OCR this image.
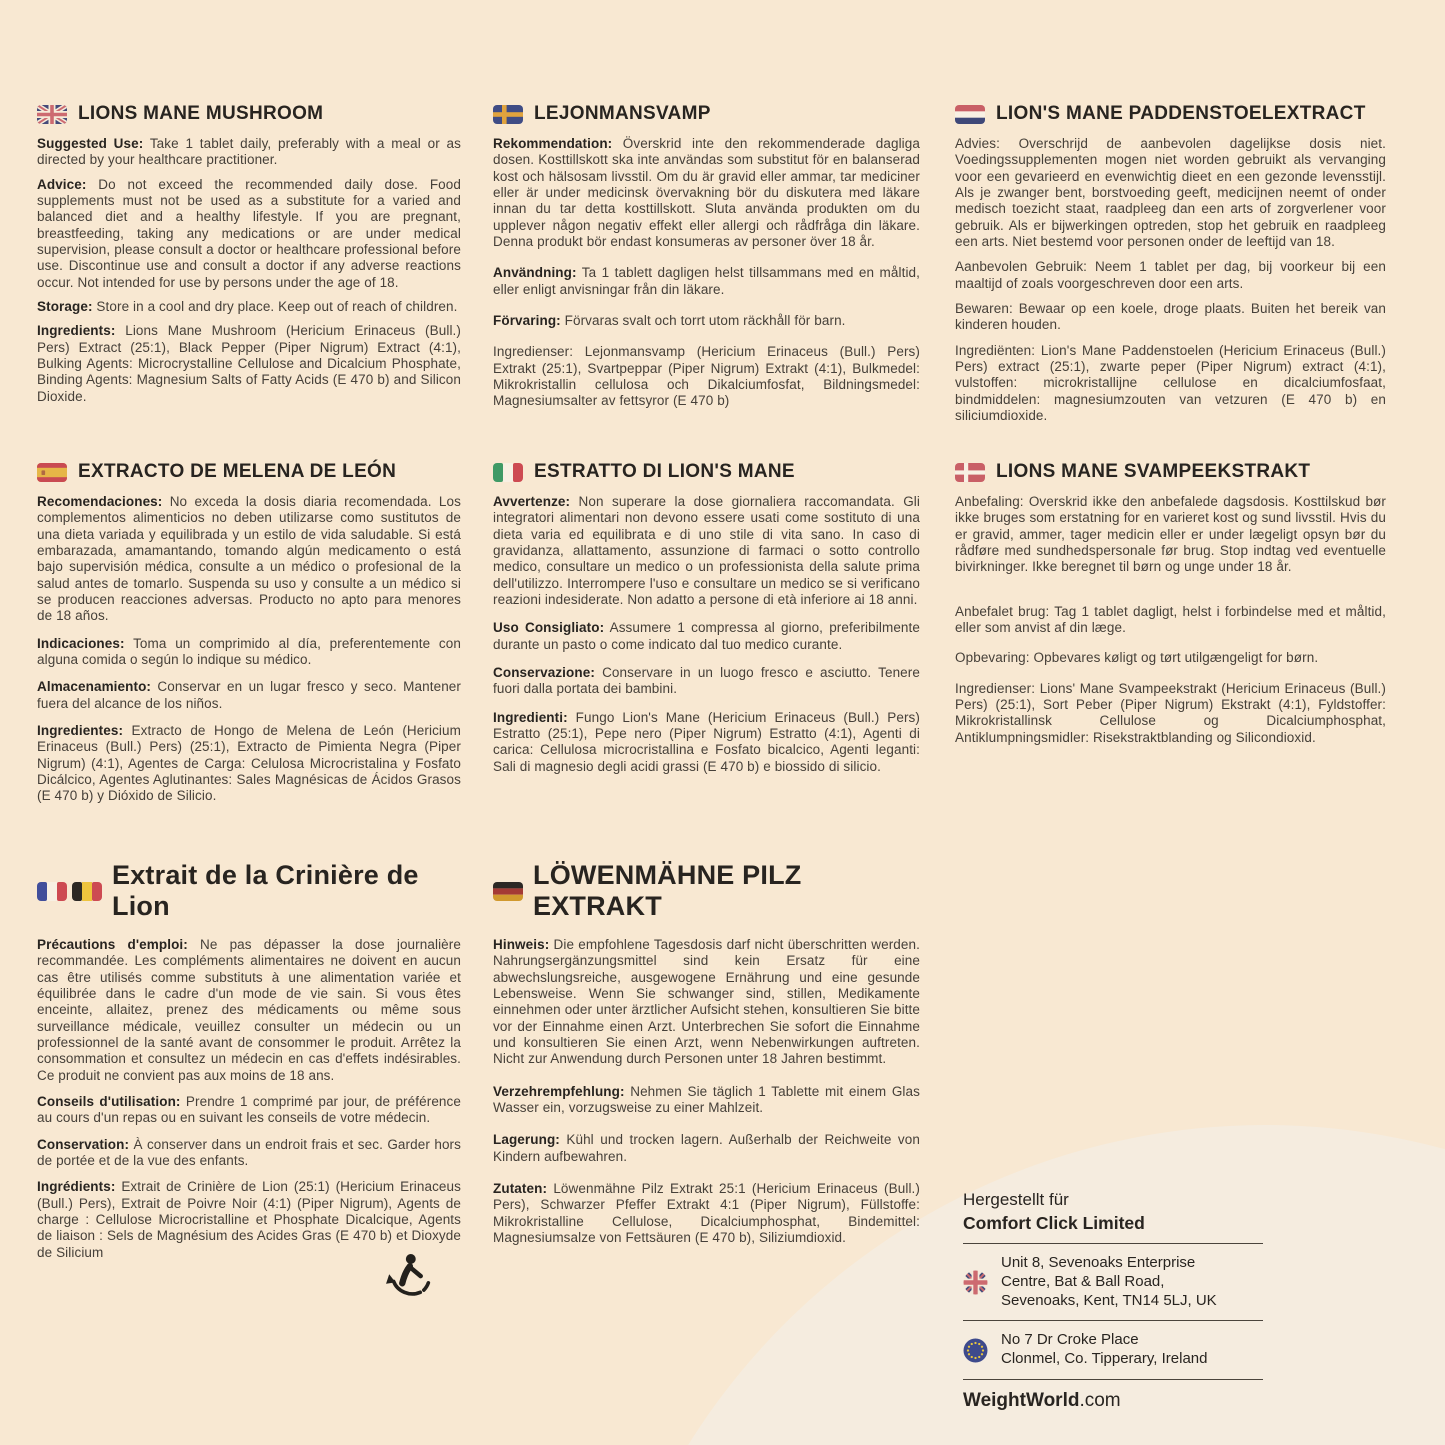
LIONS MANE MUSHROOM

Suggested Use: Take 1 tablet daily, preferably with a meal or as directed by your healthcare practitioner.

Advice: Do not exceed the recommended daily dose. Food supplements must not be used as a substitute for a varied and balanced diet and a healthy lifestyle. If you are pregnant, breastfeeding, taking any medications or are under medical supervision, please consult a doctor or healthcare professional before use. Discontinue use and consult a doctor if any adverse reactions occur. Not intended for use by persons under the age of 18.

Storage: Store in a cool and dry place. Keep out of reach of children.

Ingredients: Lions Mane Mushroom (Hericium Erinaceus (Bull.) Pers) Extract (25:1), Black Pepper (Piper Nigrum) Extract (4:1), Bulking Agents: Microcrystalline Cellulose and Dicalcium Phosphate, Binding Agents: Magnesium Salts of Fatty Acids (E 470 b) and Silicon Dioxide.

LEJONMANSVAMP

Rekommendation: Överskrid inte den rekommenderade dagliga dosen. Kosttillskott ska inte användas som substitut för en balanserad kost och hälsosam livsstil. Om du är gravid eller ammar, tar mediciner eller är under medicinsk övervakning bör du diskutera med läkare innan du tar detta kosttillskott. Sluta använda produkten om du upplever någon negativ effekt eller allergi och rådfråga din läkare. Denna produkt bör endast konsumeras av personer över 18 år.

Användning: Ta 1 tablett dagligen helst tillsammans med en måltid, eller enligt anvisningar från din läkare.

Förvaring: Förvaras svalt och torrt utom räckhåll för barn.

Ingredienser: Lejonmansvamp (Hericium Erinaceus (Bull.) Pers) Extrakt (25:1), Svartpeppar (Piper Nigrum) Extrakt (4:1), Bulkmedel: Mikrokristallin cellulosa och Dikalciumfosfat, Bildningsmedel: Magnesiumsalter av fettsyror (E 470 b)

LION'S MANE PADDENSTOELEXTRACT

Advies: Overschrijd de aanbevolen dagelijkse dosis niet. Voedingssupplementen mogen niet worden gebruikt als vervanging voor een gevarieerd en evenwichtig dieet en een gezonde levensstijl. Als je zwanger bent, borstvoeding geeft, medicijnen neemt of onder medisch toezicht staat, raadpleeg dan een arts of zorgverlener voor gebruik. Als er bijwerkingen optreden, stop het gebruik en raadpleeg een arts. Niet bestemd voor personen onder de leeftijd van 18.

Aanbevolen Gebruik: Neem 1 tablet per dag, bij voorkeur bij een maaltijd of zoals voorgeschreven door een arts.

Bewaren: Bewaar op een koele, droge plaats. Buiten het bereik van kinderen houden.

Ingrediënten: Lion's Mane Paddenstoelen (Hericium Erinaceus (Bull.) Pers) extract (25:1), zwarte peper (Piper Nigrum) extract (4:1), vulstoffen: microkristallijne cellulose en dicalciumfosfaat, bindmiddelen: magnesiumzouten van vetzuren (E 470 b) en siliciumdioxide.

EXTRACTO DE MELENA DE LEÓN

Recomendaciones: No exceda la dosis diaria recomendada. Los complementos alimenticios no deben utilizarse como sustitutos de una dieta variada y equilibrada y un estilo de vida saludable. Si está embarazada, amamantando, tomando algún medicamento o está bajo supervisión médica, consulte a un médico o profesional de la salud antes de tomarlo. Suspenda su uso y consulte a un médico si se producen reacciones adversas. Producto no apto para menores de 18 años.

Indicaciones: Toma un comprimido al día, preferentemente con alguna comida o según lo indique su médico.

Almacenamiento: Conservar en un lugar fresco y seco. Mantener fuera del alcance de los niños.

Ingredientes: Extracto de Hongo de Melena de León (Hericium Erinaceus (Bull.) Pers) (25:1), Extracto de Pimienta Negra (Piper Nigrum) (4:1), Agentes de Carga: Celulosa Microcristalina y Fosfato Dicálcico, Agentes Aglutinantes: Sales Magnésicas de Ácidos Grasos (E 470 b) y Dióxido de Silicio.

ESTRATTO DI LION'S MANE

Avvertenze: Non superare la dose giornaliera raccomandata. Gli integratori alimentari non devono essere usati come sostituto di una dieta varia ed equilibrata e di uno stile di vita sano. In caso di gravidanza, allattamento, assunzione di farmaci o sotto controllo medico, consultare un medico o un professionista della salute prima dell'utilizzo. Interrompere l'uso e consultare un medico se si verificano reazioni indesiderate. Non adatto a persone di età inferiore ai 18 anni.

Uso Consigliato: Assumere 1 compressa al giorno, preferibilmente durante un pasto o come indicato dal tuo medico curante.

Conservazione: Conservare in un luogo fresco e asciutto. Tenere fuori dalla portata dei bambini.

Ingredienti: Fungo Lion's Mane (Hericium Erinaceus (Bull.) Pers) Estratto (25:1), Pepe nero (Piper Nigrum) Estratto (4:1), Agenti di carica: Cellulosa microcristallina e Fosfato bicalcico, Agenti leganti: Sali di magnesio degli acidi grassi (E 470 b) e biossido di silicio.

LIONS MANE SVAMPEEKSTRAKT

Anbefaling: Overskrid ikke den anbefalede dagsdosis. Kosttilskud bør ikke bruges som erstatning for en varieret kost og sund livsstil. Hvis du er gravid, ammer, tager medicin eller er under lægeligt opsyn bør du rådføre med sundhedspersonale før brug. Stop indtag ved eventuelle bivirkninger. Ikke beregnet til børn og unge under 18 år.

Anbefalet brug: Tag 1 tablet dagligt, helst i forbindelse med et måltid, eller som anvist af din læge.

Opbevaring: Opbevares køligt og tørt utilgængeligt for børn.

Ingredienser: Lions' Mane Svampeekstrakt (Hericium Erinaceus (Bull.) Pers) (25:1), Sort Peber (Piper Nigrum) Ekstrakt (4:1), Fyldstoffer: Mikrokristallinsk Cellulose og Dicalciumphosphat, Antiklumpningsmidler: Risekstraktblanding og Silicondioxid.

Extrait de la Crinière de Lion

Précautions d'emploi: Ne pas dépasser la dose journalière recommandée. Les compléments alimentaires ne doivent en aucun cas être utilisés comme substituts à une alimentation variée et équilibrée dans le cadre d'un mode de vie sain. Si vous êtes enceinte, allaitez, prenez des médicaments ou même sous surveillance médicale, veuillez consulter un médecin ou un professionnel de la santé avant de consommer le produit. Arrêtez la consommation et consultez un médecin en cas d'effets indésirables. Ce produit ne convient pas aux moins de 18 ans.

Conseils d'utilisation: Prendre 1 comprimé par jour, de préférence au cours d'un repas ou en suivant les conseils de votre médecin.

Conservation: À conserver dans un endroit frais et sec. Garder hors de portée et de la vue des enfants.

Ingrédients: Extrait de Crinière de Lion (25:1) (Hericium Erinaceus (Bull.) Pers), Extrait de Poivre Noir (4:1) (Piper Nigrum), Agents de charge : Cellulose Microcristalline et Phosphate Dicalcique, Agents de liaison : Sels de Magnésium des Acides Gras (E 470 b) et Dioxyde de Silicium

LÖWENMÄHNE PILZ EXTRAKT

Hinweis: Die empfohlene Tagesdosis darf nicht überschritten werden. Nahrungsergänzungsmittel sind kein Ersatz für eine abwechslungsreiche, ausgewogene Ernährung und eine gesunde Lebensweise. Wenn Sie schwanger sind, stillen, Medikamente einnehmen oder unter ärztlicher Aufsicht stehen, konsultieren Sie bitte vor der Einnahme einen Arzt. Unterbrechen Sie sofort die Einnahme und konsultieren Sie einen Arzt, wenn Nebenwirkungen auftreten. Nicht zur Anwendung durch Personen unter 18 Jahren bestimmt.

Verzehrempfehlung: Nehmen Sie täglich 1 Tablette mit einem Glas Wasser ein, vorzugsweise zu einer Mahlzeit.

Lagerung: Kühl und trocken lagern. Außerhalb der Reichweite von Kindern aufbewahren.

Zutaten: Löwenmähne Pilz Extrakt 25:1 (Hericium Erinaceus (Bull.) Pers), Schwarzer Pfeffer Extrakt 4:1 (Piper Nigrum), Füllstoffe: Mikrokristalline Cellulose, Dicalciumphosphat, Bindemittel: Magnesiumsalze von Fettsäuren (E 470 b), Siliziumdioxid.

Hergestellt für
Comfort Click Limited
Unit 8, Sevenoaks Enterprise
Centre, Bat & Ball Road,
Sevenoaks, Kent, TN14 5LJ, UK
No 7 Dr Croke Place
Clonmel, Co. Tipperary, Ireland
WeightWorld.com
